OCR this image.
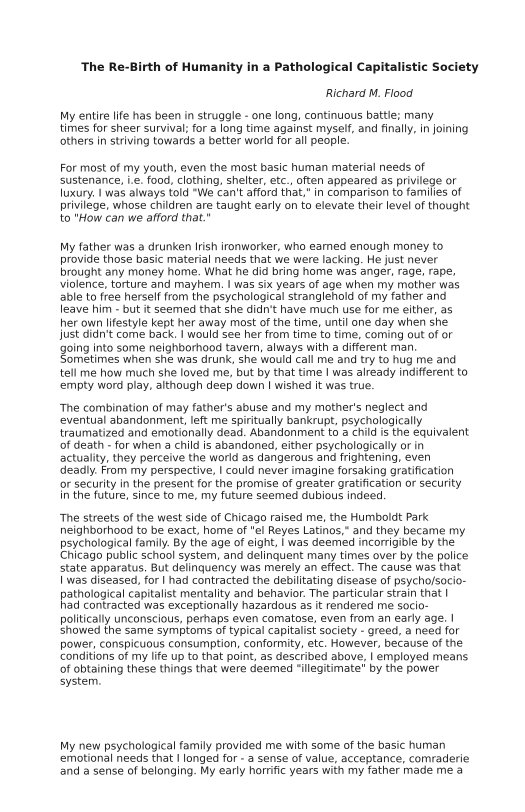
The Re-Birth of Humanity in a Pathological Capitalistic Society
Richard M. Flood
My entire life has been in struggle - one long, continuous battle; many
times for sheer survival; for a long time against myself, and finally, in joining
others in striving towards a better world for all people.
For most of my youth, even the most basic human material needs of
sustenance, i.e. food, clothing, shelter, etc., often appeared as privilege or
luxury. I was always told "We can't afford that," in comparison to families of
privilege, whose children are taught early on to elevate their level of thought
to "How can we afford that."
My father was a drunken Irish ironworker, who earned enough money to
provide those basic material needs that we were lacking. He just never
brought any money home. What he did bring home was anger, rage, rape,
violence, torture and mayhem. I was six years of age when my mother was
able to free herself from the psychological stranglehold of my father and
leave him - but it seemed that she didn't have much use for me either, as
her own lifestyle kept her away most of the time, until one day when she
just didn't come back. I would see her from time to time, coming out of or
going into some neighborhood tavern, always with a different man.
Sometimes when she was drunk, she would call me and try to hug me and
tell me how much she loved me, but by that time I was already indifferent to
empty word play, although deep down I wished it was true.
The combination of may father's abuse and my mother's neglect and
eventual abandonment, left me spiritually bankrupt, psychologically
traumatized and emotionally dead. Abandonment to a child is the equivalent
of death - for when a child is abandoned, either psychologically or in
actuality, they perceive the world as dangerous and frightening, even
deadly. From my perspective, I could never imagine forsaking gratification
or security in the present for the promise of greater gratification or security
in the future, since to me, my future seemed dubious indeed.
The streets of the west side of Chicago raised me, the Humboldt Park
neighborhood to be exact, home of "el Reyes Latinos," and they became my
psychological family. By the age of eight, I was deemed incorrigible by the
Chicago public school system, and delinquent many times over by the police
state apparatus. But delinquency was merely an effect. The cause was that
I was diseased, for I had contracted the debilitating disease of psycho/socio-
pathological capitalist mentality and behavior. The particular strain that I
had contracted was exceptionally hazardous as it rendered me socio-
politically unconscious, perhaps even comatose, even from an early age. I
showed the same symptoms of typical capitalist society - greed, a need for
power, conspicuous consumption, conformity, etc. However, because of the
conditions of my life up to that point, as described above, I employed means
of obtaining these things that were deemed "illegitimate" by the power
system.
My new psychological family provided me with some of the basic human
emotional needs that I longed for - a sense of value, acceptance, comraderie
and a sense of belonging. My early horrific years with my father made me a
